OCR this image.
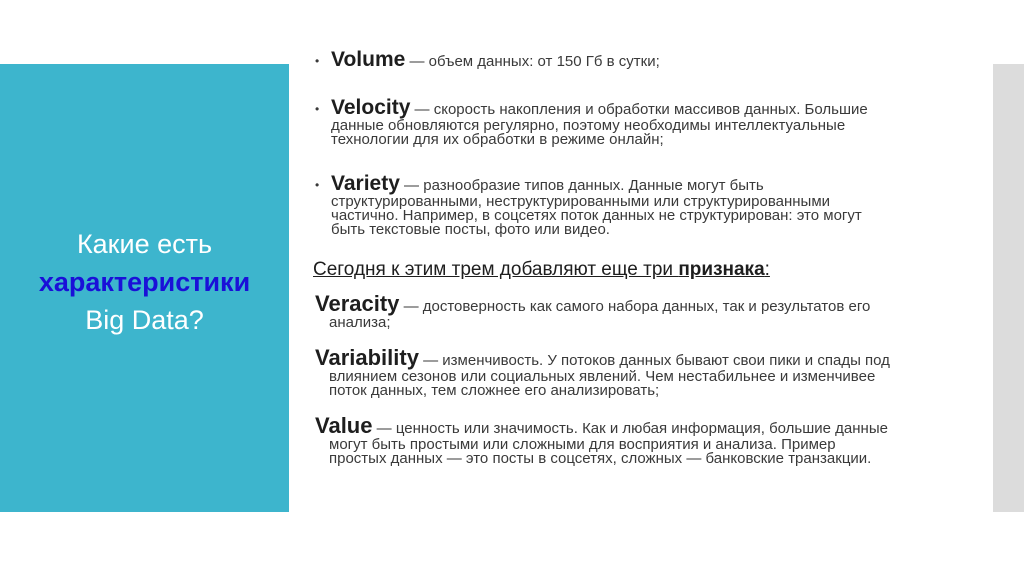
Какие есть
характеристики
Big Data?
• Volume — объем данных: от 150 Гб в сутки;
• Velocity — скорость накопления и обработки массивов данных. Большие
данные обновляются регулярно, поэтому необходимы интеллектуальные
технологии для их обработки в режиме онлайн;
• Variety — разнообразие типов данных. Данные могут быть
структурированными, неструктурированными или структурированными
частично. Например, в соцсетях поток данных не структурирован: это могут
быть текстовые посты, фото или видео.
Сегодня к этим трем добавляют еще три признака:
Veracity — достоверность как самого набора данных, так и результатов его
анализа;
Variability — изменчивость. У потоков данных бывают свои пики и спады под
влиянием сезонов или социальных явлений. Чем нестабильнее и изменчивее
поток данных, тем сложнее его анализировать;
Value — ценность или значимость. Как и любая информация, большие данные
могут быть простыми или сложными для восприятия и анализа. Пример
простых данных — это посты в соцсетях, сложных — банковские транзакции.
